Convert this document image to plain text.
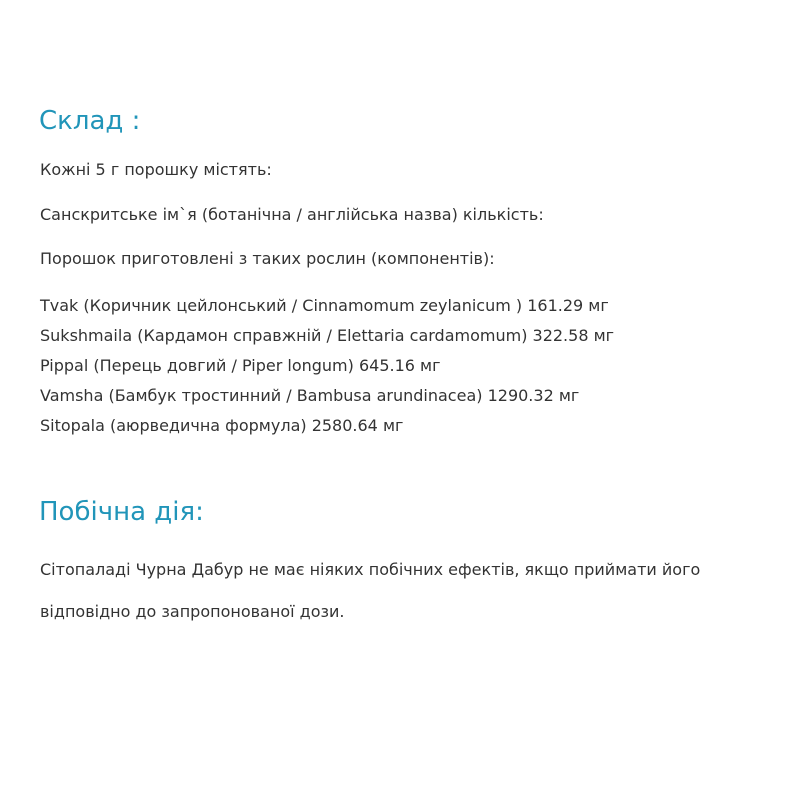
Склад :

Кожні 5 г порошку містять:

Санскритське ім`я (ботанічна / англійська назва) кількість:

Порошок приготовлені з таких рослин (компонентів):

Tvak (Коричник цейлонський / Cinnamomum zeylanicum ) 161.29 мг
Sukshmaila (Кардамон справжній / Elettaria cardamomum) 322.58 мг
Pippal (Перець довгий / Piper longum) 645.16 мг
Vamsha (Бамбук тростинний / Bambusa arundinacea) 1290.32 мг
Sitopala (аюрведична формула) 2580.64 мг
Побічна дія:

Сітопаладі Чурна Дабур не має ніяких побічних ефектів, якщо приймати його відповідно до запропонованої дози.
